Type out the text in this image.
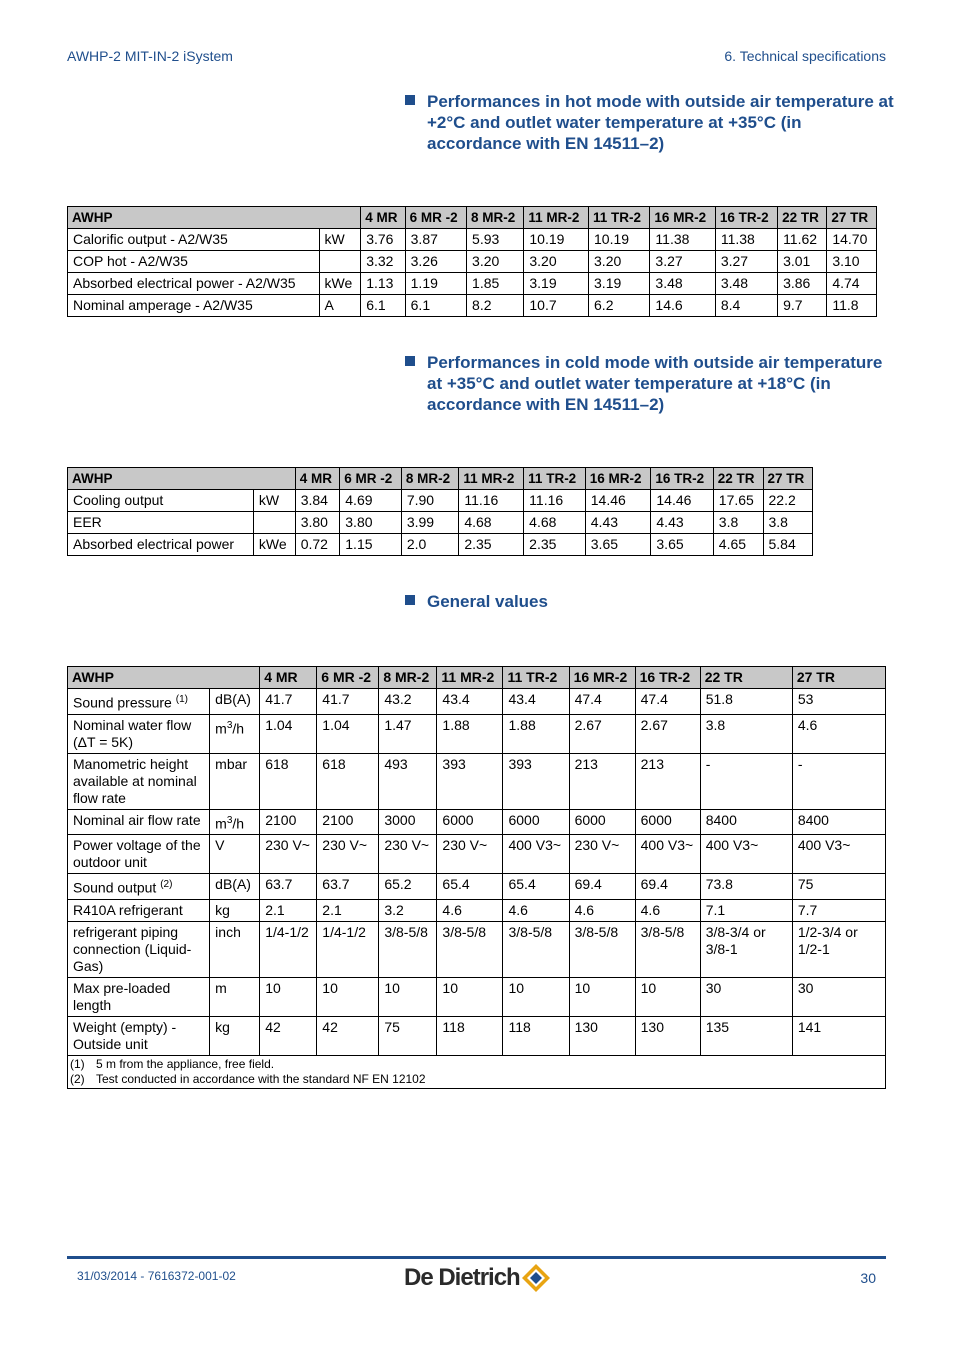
AWHP-2 MIT-IN-2 iSystem	6. Technical specifications
Performances in hot mode with outside air temperature at +2°C and outlet water temperature at +35°C (in accordance with EN 14511–2)
AWHP		4 MR	6 MR -2	8 MR-2	11 MR-2	11 TR-2	16 MR-2	16 TR-2	22 TR	27 TR
Calorific output - A2/W35	kW	3.76	3.87	5.93	10.19	10.19	11.38	11.38	11.62	14.70
COP hot - A2/W35		3.32	3.26	3.20	3.20	3.20	3.27	3.27	3.01	3.10
Absorbed electrical power - A2/W35	kWe	1.13	1.19	1.85	3.19	3.19	3.48	3.48	3.86	4.74
Nominal amperage - A2/W35	A	6.1	6.1	8.2	10.7	6.2	14.6	8.4	9.7	11.8
Performances in cold mode with outside air temperature at +35°C and outlet water temperature at +18°C (in accordance with EN 14511–2)
AWHP		4 MR	6 MR -2	8 MR-2	11 MR-2	11 TR-2	16 MR-2	16 TR-2	22 TR	27 TR
Cooling output	kW	3.84	4.69	7.90	11.16	11.16	14.46	14.46	17.65	22.2
EER		3.80	3.80	3.99	4.68	4.68	4.43	4.43	3.8	3.8
Absorbed electrical power	kWe	0.72	1.15	2.0	2.35	2.35	3.65	3.65	4.65	5.84
General values
AWHP		4 MR	6 MR -2	8 MR-2	11 MR-2	11 TR-2	16 MR-2	16 TR-2	22 TR	27 TR
Sound pressure $^{(1)}$	dB(A)	41.7	41.7	43.2	43.4	43.4	47.4	47.4	51.8	53
Nominal water flow (ΔT = 5K)	$m^3/h$	1.04	1.04	1.47	1.88	1.88	2.67	2.67	3.8	4.6
Manometric height available at nominal flow rate	mbar	618	618	493	393	393	213	213	-	-
Nominal air flow rate	$m^3/h$	2100	2100	3000	6000	6000	6000	6000	8400	8400
Power voltage of the outdoor unit	V	230 V~	230 V~	230 V~	230 V~	400 V3~	230 V~	400 V3~	400 V3~	400 V3~
Sound output $^{(2)}$	dB(A)	63.7	63.7	65.2	65.4	65.4	69.4	69.4	73.8	75
R410A refrigerant	kg	2.1	2.1	3.2	4.6	4.6	4.6	4.6	7.1	7.7
refrigerant piping connection (Liquid-Gas)	inch	1/4-1/2	1/4-1/2	3/8-5/8	3/8-5/8	3/8-5/8	3/8-5/8	3/8-5/8	3/8-3/4 or 3/8-1	1/2-3/4 or 1/2-1
Max pre-loaded length	m	10	10	10	10	10	10	10	30	30
Weight (empty) - Outside unit	kg	42	42	75	118	118	130	130	135	141

(1) 5 m from the appliance, free field.
(2) Test conducted in accordance with the standard NF EN 12102										
31/03/2014 - 7616372-001-02	De Dietrich	30
